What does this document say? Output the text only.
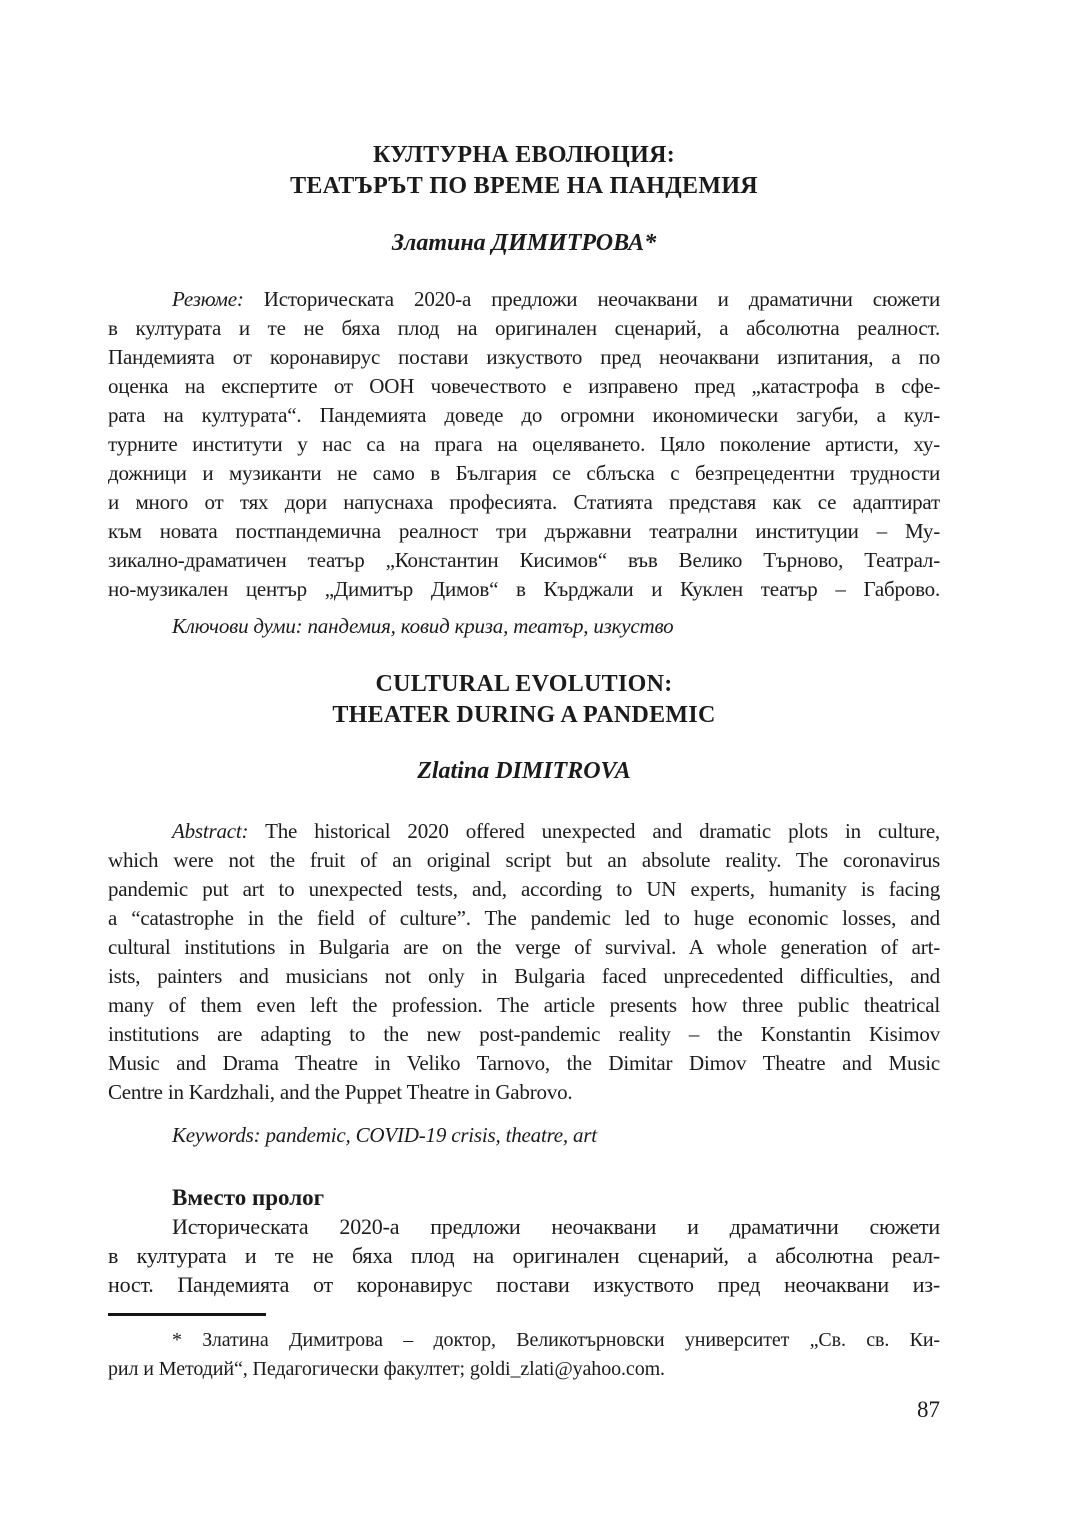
КУЛТУРНА ЕВОЛЮЦИЯ:
ТЕАТЪРЪТ ПО ВРЕМЕ НА ПАНДЕМИЯ
Златина ДИМИТРОВА*
Резюме: Историческата 2020-а предложи неочаквани и драматични сюжети
в културата и те не бяха плод на оригинален сценарий, а абсолютна реалност.
Пандемията от коронавирус постави изкуството пред неочаквани изпитания, а по
оценка на експертите от ООН човечеството е изправено пред „катастрофа в сфе-
рата на културата“. Пандемията доведе до огромни икономически загуби, а кул-
турните институти у нас са на прага на оцеляването. Цяло поколение артисти, ху-
дожници и музиканти не само в България се сблъска с безпрецедентни трудности
и много от тях дори напуснаха професията. Статията представя как се адаптират
към новата постпандемична реалност три държавни театрални институции – Му-
зикално-драматичен театър „Константин Кисимов“ във Велико Търново, Театрал-
но-музикален център „Димитър Димов“ в Кърджали и Куклен театър – Габрово.
Ключови думи: пандемия, ковид криза, театър, изкуство
CULTURAL EVOLUTION:
THEATER DURING A PANDEMIC
Zlatina DIMITROVA
Abstract: The historical 2020 offered unexpected and dramatic plots in culture,
which were not the fruit of an original script but an absolute reality. The coronavirus
pandemic put art to unexpected tests, and, according to UN experts, humanity is facing
a “catastrophe in the field of culture”. The pandemic led to huge economic losses, and
cultural institutions in Bulgaria are on the verge of survival. A whole generation of art-
ists, painters and musicians not only in Bulgaria faced unprecedented difficulties, and
many of them even left the profession. The article presents how three public theatrical
institutions are adapting to the new post-pandemic reality – the Konstantin Kisimov
Music and Drama Theatre in Veliko Tarnovo, the Dimitar Dimov Theatre and Music
Centre in Kardzhali, and the Puppet Theatre in Gabrovo.
Keywords: pandemic, COVID-19 crisis, theatre, art
Вместо пролог
Историческата 2020-а предложи неочаквани и драматични сюжети
в културата и те не бяха плод на оригинален сценарий, а абсолютна реал-
ност. Пандемията от коронавирус постави изкуството пред неочаквани из-
* Златина Димитрова – доктор, Великотърновски университет „Св. св. Ки-
рил и Методий“, Педагогически факултет; goldi_zlati@yahoo.com.
87
